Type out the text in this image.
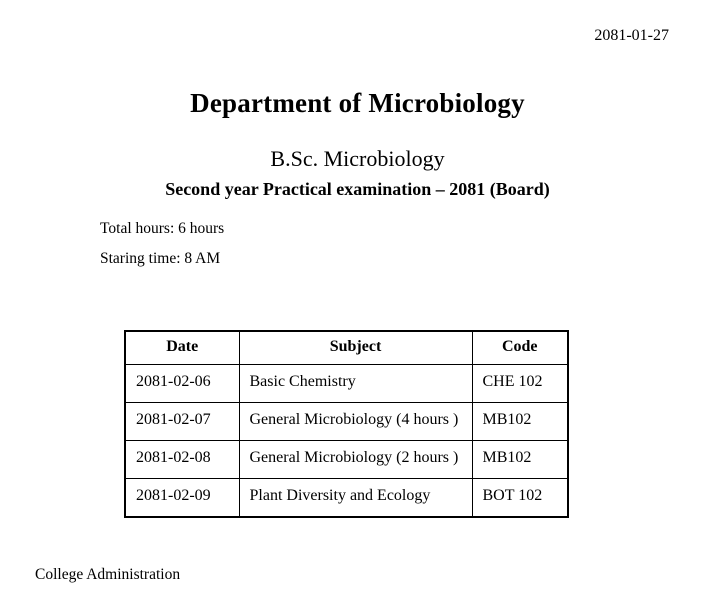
2081-01-27
Department of Microbiology
B.Sc. Microbiology
Second year Practical examination – 2081 (Board)
Total hours: 6 hours
Staring time: 8 AM
Date	Subject	Code
2081-02-06	Basic Chemistry	CHE 102
2081-02-07	General Microbiology (4 hours )	MB102
2081-02-08	General Microbiology (2 hours )	MB102
2081-02-09	Plant Diversity and Ecology	BOT 102
College Administration
